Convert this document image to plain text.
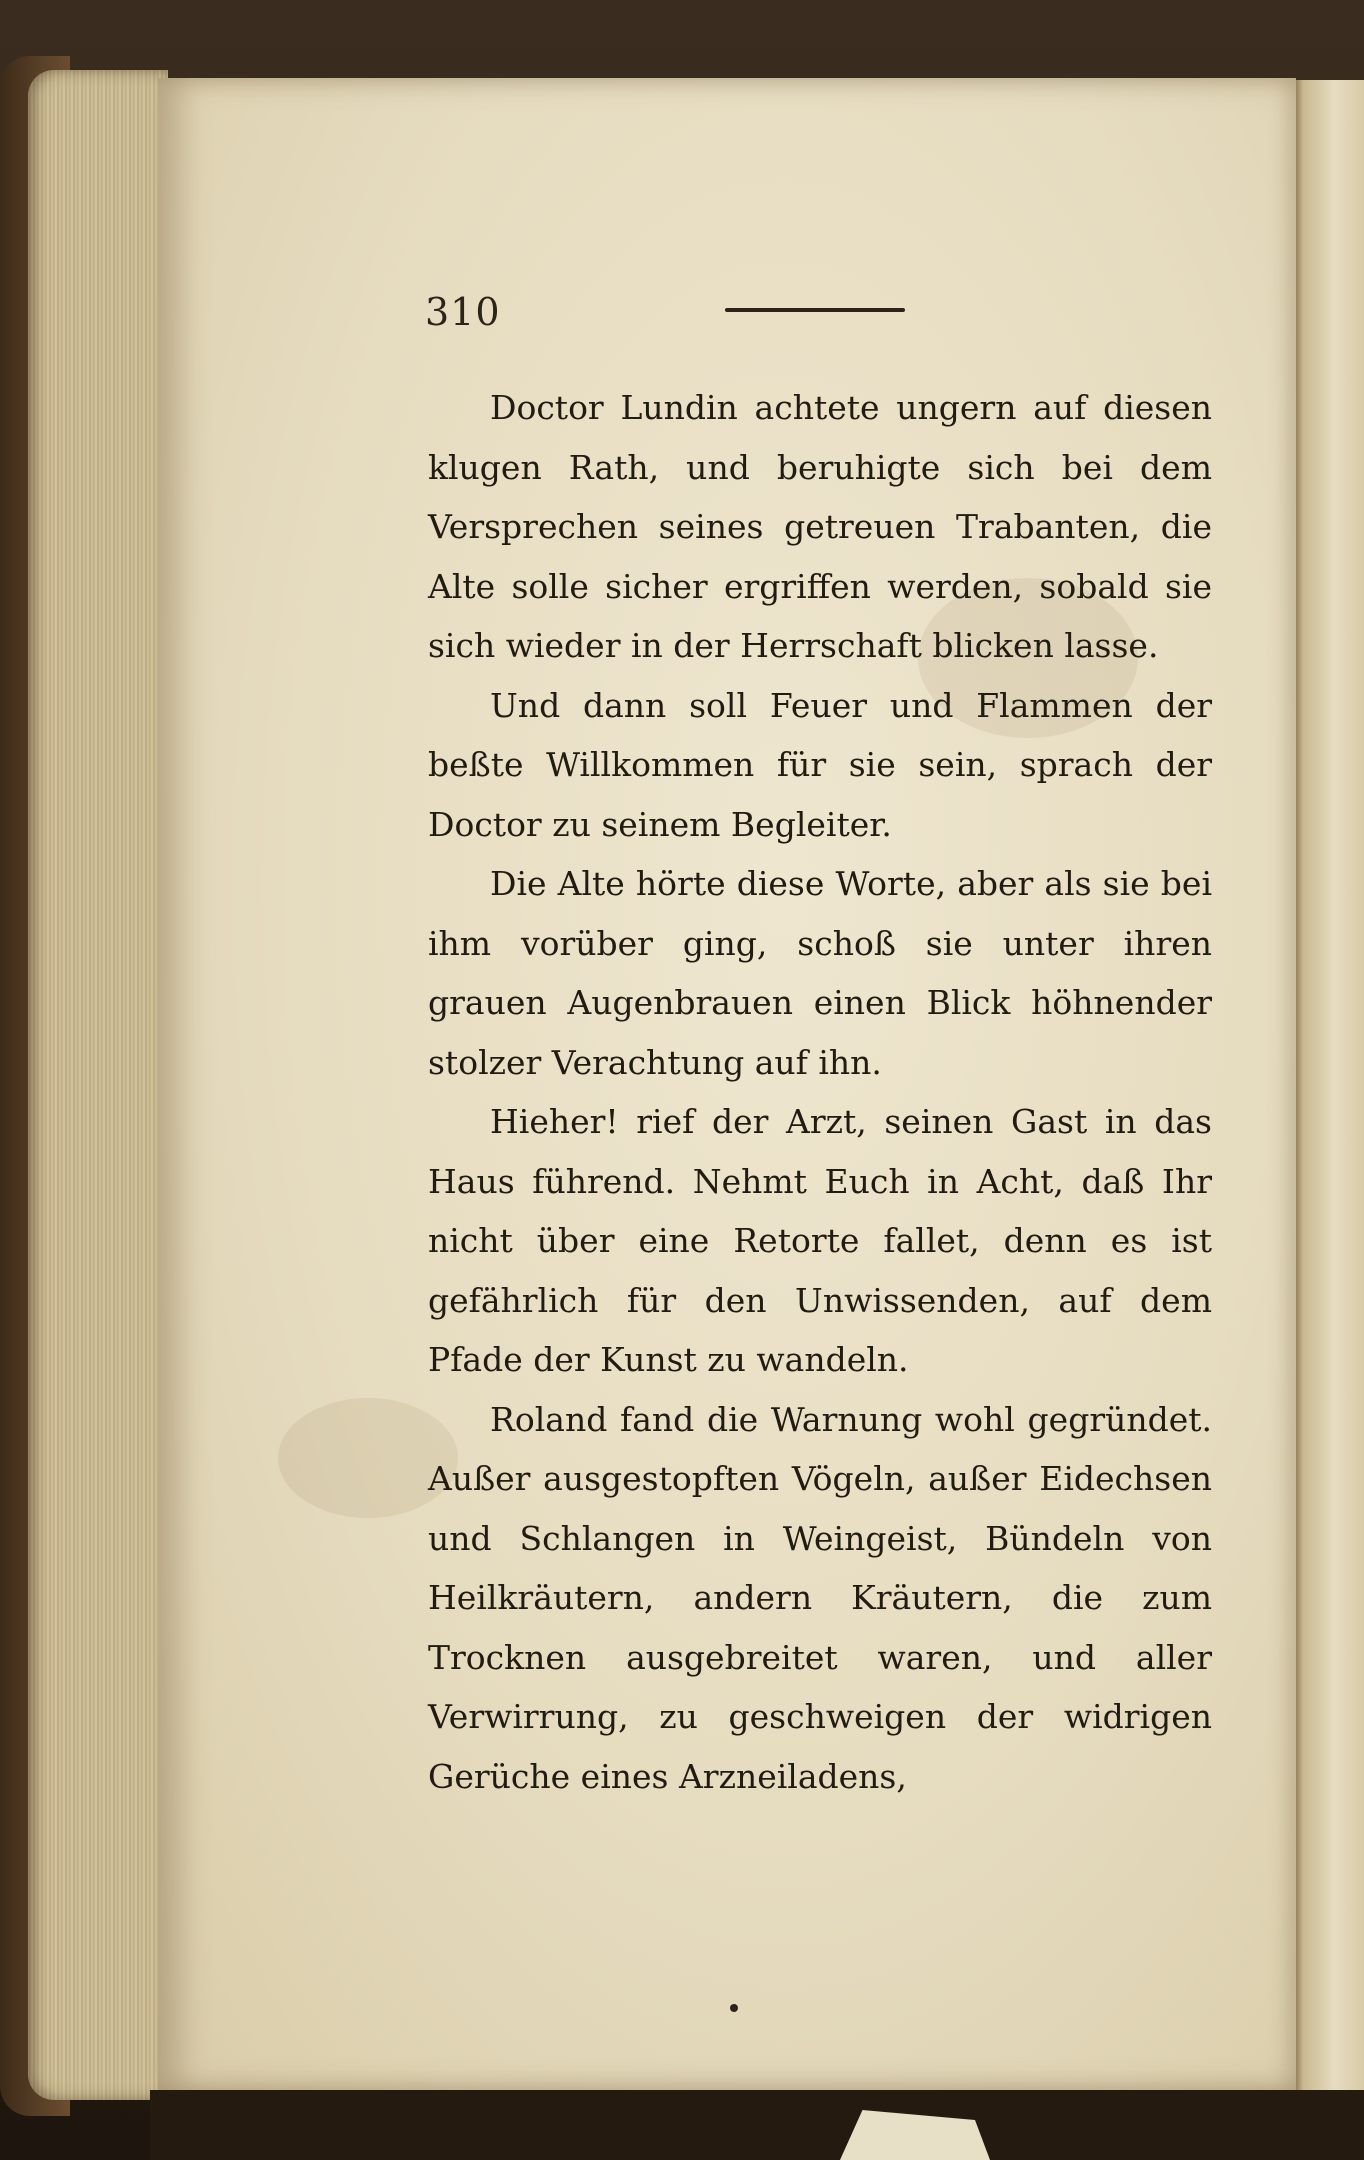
310

Doctor Lundin achtete ungern auf diesen klugen Rath, und beruhigte sich bei dem Versprechen seines getreuen Trabanten, die Alte solle sicher ergriffen werden, sobald sie sich wieder in der Herrschaft blicken lasse.

Und dann soll Feuer und Flammen der beßte Willkommen für sie sein, sprach der Doctor zu seinem Begleiter.

Die Alte hörte diese Worte, aber als sie bei ihm vorüber ging, schoß sie unter ihren grauen Augenbrauen einen Blick höhnender stolzer Verachtung auf ihn.

Hieher! rief der Arzt, seinen Gast in das Haus führend. Nehmt Euch in Acht, daß Ihr nicht über eine Retorte fallet, denn es ist gefährlich für den Unwissenden, auf dem Pfade der Kunst zu wandeln.

Roland fand die Warnung wohl gegründet. Außer ausgestopften Vögeln, außer Eidechsen und Schlangen in Weingeist, Bündeln von Heilkräutern, andern Kräutern, die zum Trocknen ausgebreitet waren, und aller Verwirrung, zu geschweigen der widrigen Gerüche eines Arzneiladens,
